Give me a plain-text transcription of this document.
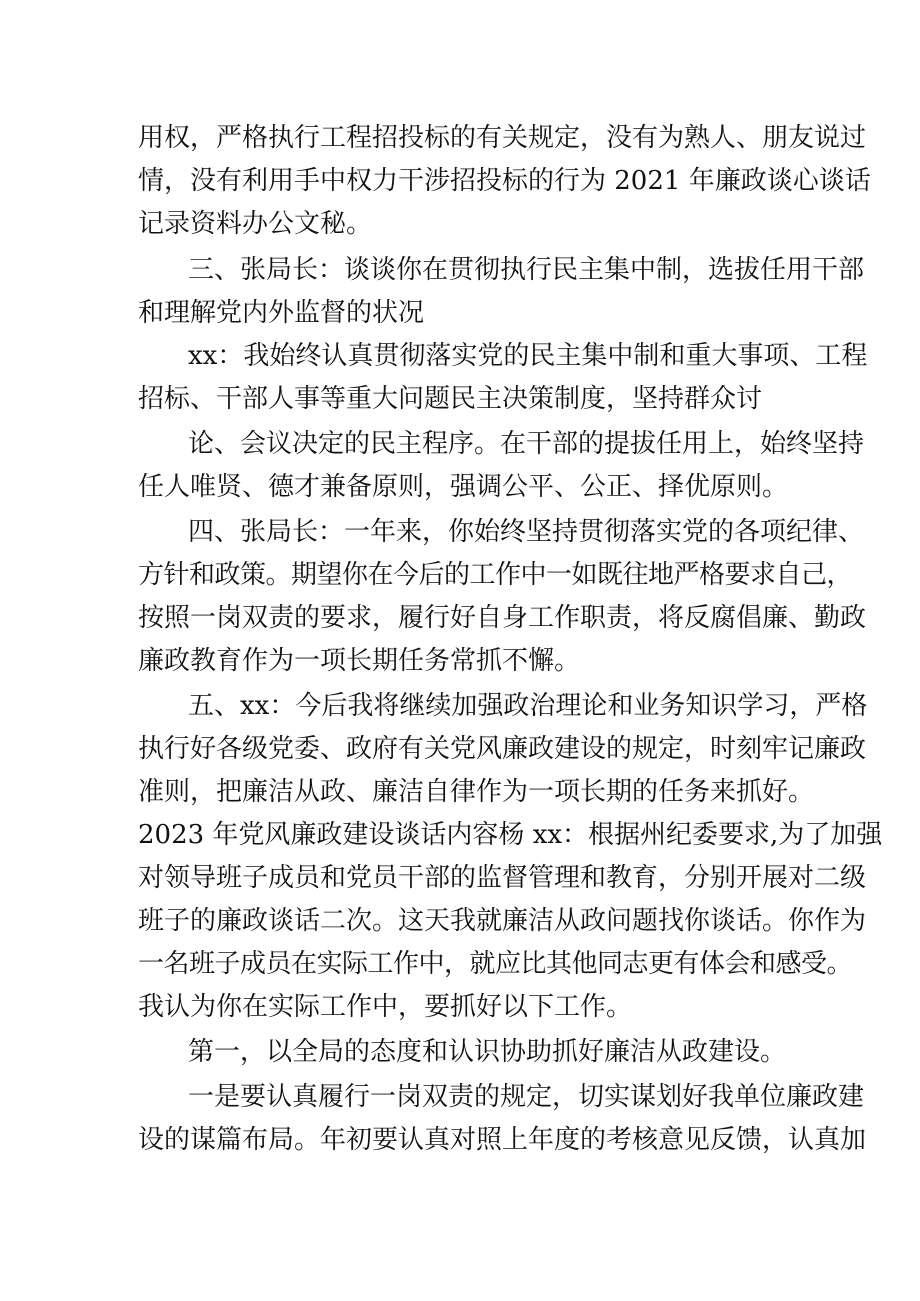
用权，严格执行工程招投标的有关规定，没有为熟人、朋友说过
情，没有利用手中权力干涉招投标的行为 2021 年廉政谈心谈话
记录资料办公文秘。
三、张局长：谈谈你在贯彻执行民主集中制，选拔任用干部
和理解党内外监督的状况
xx：我始终认真贯彻落实党的民主集中制和重大事项、工程
招标、干部人事等重大问题民主决策制度，坚持群众讨
论、会议决定的民主程序。在干部的提拔任用上，始终坚持
任人唯贤、德才兼备原则，强调公平、公正、择优原则。
四、张局长：一年来，你始终坚持贯彻落实党的各项纪律、
方针和政策。期望你在今后的工作中一如既往地严格要求自己，
按照一岗双责的要求，履行好自身工作职责，将反腐倡廉、勤政
廉政教育作为一项长期任务常抓不懈。
五、xx：今后我将继续加强政治理论和业务知识学习，严格
执行好各级党委、政府有关党风廉政建设的规定，时刻牢记廉政
准则，把廉洁从政、廉洁自律作为一项长期的任务来抓好。
2023 年党风廉政建设谈话内容杨 xx：根据州纪委要求,为了加强
对领导班子成员和党员干部的监督管理和教育，分别开展对二级
班子的廉政谈话二次。这天我就廉洁从政问题找你谈话。你作为
一名班子成员在实际工作中，就应比其他同志更有体会和感受。
我认为你在实际工作中，要抓好以下工作。
第一，以全局的态度和认识协助抓好廉洁从政建设。
一是要认真履行一岗双责的规定，切实谋划好我单位廉政建
设的谋篇布局。年初要认真对照上年度的考核意见反馈，认真加
